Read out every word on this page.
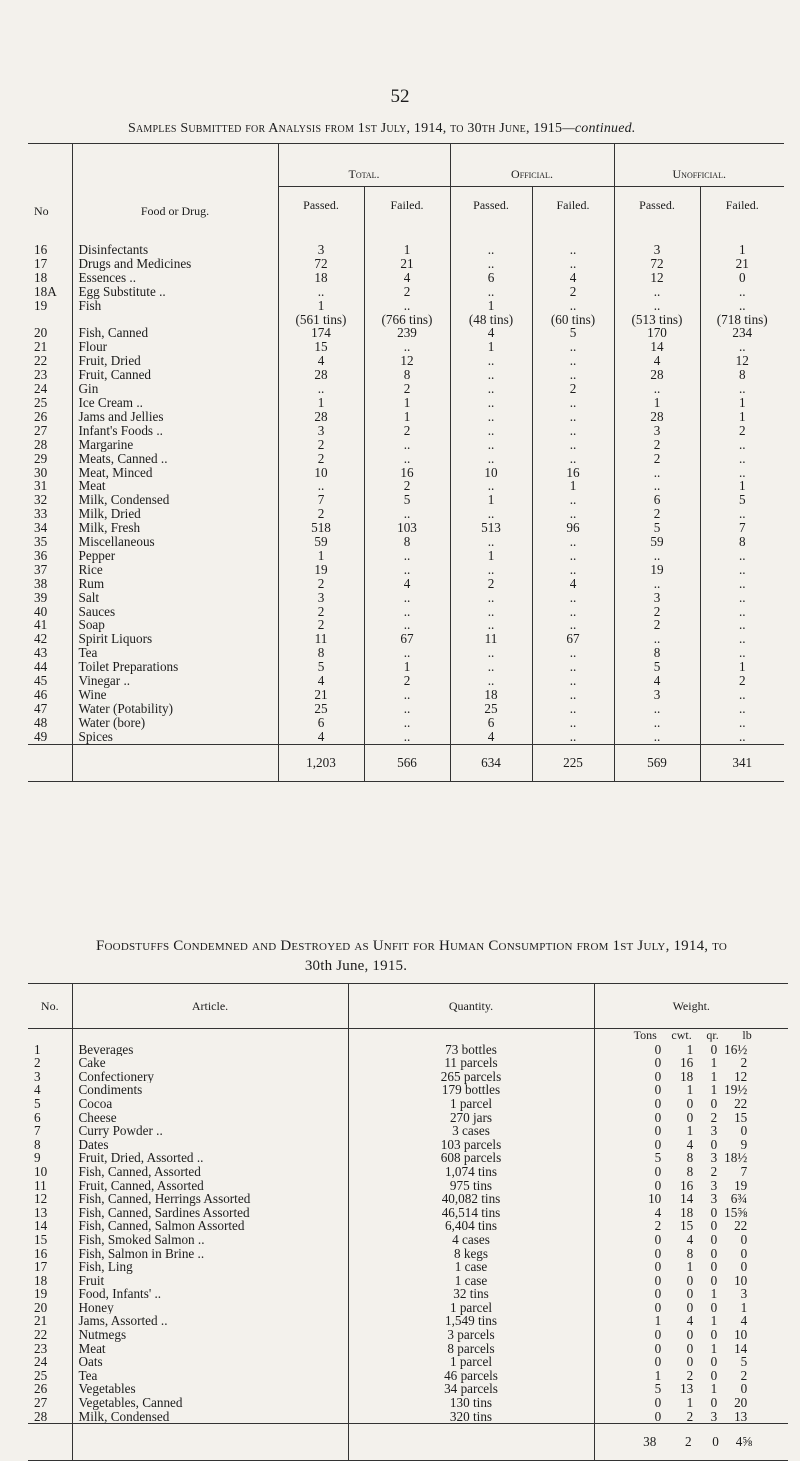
52
Samples Submitted for Analysis from 1st July, 1914, to 30th June, 1915—continued.
No	Food or Drug.	Total.		Official.		Unofficial.	
		Passed.	Failed.	Passed.	Failed.	Passed.	Failed.
16	Disinfectants	3	1	..	..	3	1
17	Drugs and Medicines	72	21	..	..	72	21
18	Essences ..	18	4	6	4	12	0
18A	Egg Substitute ..	..	2	..	2	..	..
19	Fish	1	..	1	..	..	..
		(561 tins)	(766 tins)	(48 tins)	(60 tins)	(513 tins)	(718 tins)
20	Fish, Canned	174	239	4	5	170	234
21	Flour	15	..	1	..	14	..
22	Fruit, Dried	4	12	..	..	4	12
23	Fruit, Canned	28	8	..	..	28	8
24	Gin	..	2	..	2	..	..
25	Ice Cream ..	1	1	..	..	1	1
26	Jams and Jellies	28	1	..	..	28	1
27	Infant's Foods ..	3	2	..	..	3	2
28	Margarine	2	..	..	..	2	..
29	Meats, Canned ..	2	..	..	..	2	..
30	Meat, Minced	10	16	10	16	..	..
31	Meat	..	2	..	1	..	1
32	Milk, Condensed	7	5	1	..	6	5
33	Milk, Dried	2	..	..	..	2	..
34	Milk, Fresh	518	103	513	96	5	7
35	Miscellaneous	59	8	..	..	59	8
36	Pepper	1	..	1	..	..	..
37	Rice	19	..	..	..	19	..
38	Rum	2	4	2	4	..	..
39	Salt	3	..	..	..	3	..
40	Sauces	2	..	..	..	2	..
41	Soap	2	..	..	..	2	..
42	Spirit Liquors	11	67	11	67	..	..
43	Tea	8	..	..	..	8	..
44	Toilet Preparations	5	1	..	..	5	1
45	Vinegar ..	4	2	..	..	4	2
46	Wine	21	..	18	..	3	..
47	Water (Potability)	25	..	25	..	..	..
48	Water (bore)	6	..	6	..	..	..
49	Spices	4	..	4	..	..	..
		1,203	566	634	225	569	341
Foodstuffs Condemned and Destroyed as Unfit for Human Consumption from 1st July, 1914, to
30th June, 1915.
No.	Article.	Quantity.	Weight.
			Tons cwt. qr. lb
1	Beverages	73 bottles	0 1 0 16½
2	Cake	11 parcels	0 16 1 2
3	Confectionery	265 parcels	0 18 1 12
4	Condiments	179 bottles	0 1 1 19½
5	Cocoa	1 parcel	0 0 0 22
6	Cheese	270 jars	0 0 2 15
7	Curry Powder ..	3 cases	0 1 3 0
8	Dates	103 parcels	0 4 0 9
9	Fruit, Dried, Assorted ..	608 parcels	5 8 3 18½
10	Fish, Canned, Assorted	1,074 tins	0 8 2 7
11	Fruit, Canned, Assorted	975 tins	0 16 3 19
12	Fish, Canned, Herrings Assorted	40,082 tins	10 14 3 6¾
13	Fish, Canned, Sardines Assorted	46,514 tins	4 18 0 15⅝
14	Fish, Canned, Salmon Assorted	6,404 tins	2 15 0 22
15	Fish, Smoked Salmon ..	4 cases	0 4 0 0
16	Fish, Salmon in Brine ..	8 kegs	0 8 0 0
17	Fish, Ling	1 case	0 1 0 0
18	Fruit	1 case	0 0 0 10
19	Food, Infants' ..	32 tins	0 0 1 3
20	Honey	1 parcel	0 0 0 1
21	Jams, Assorted ..	1,549 tins	1 4 1 4
22	Nutmegs	3 parcels	0 0 0 10
23	Meat	8 parcels	0 0 1 14
24	Oats	1 parcel	0 0 0 5
25	Tea	46 parcels	1 2 0 2
26	Vegetables	34 parcels	5 13 1 0
27	Vegetables, Canned	130 tins	0 1 0 20
28	Milk, Condensed	320 tins	0 2 3 13
			38 2 0 4⅝
